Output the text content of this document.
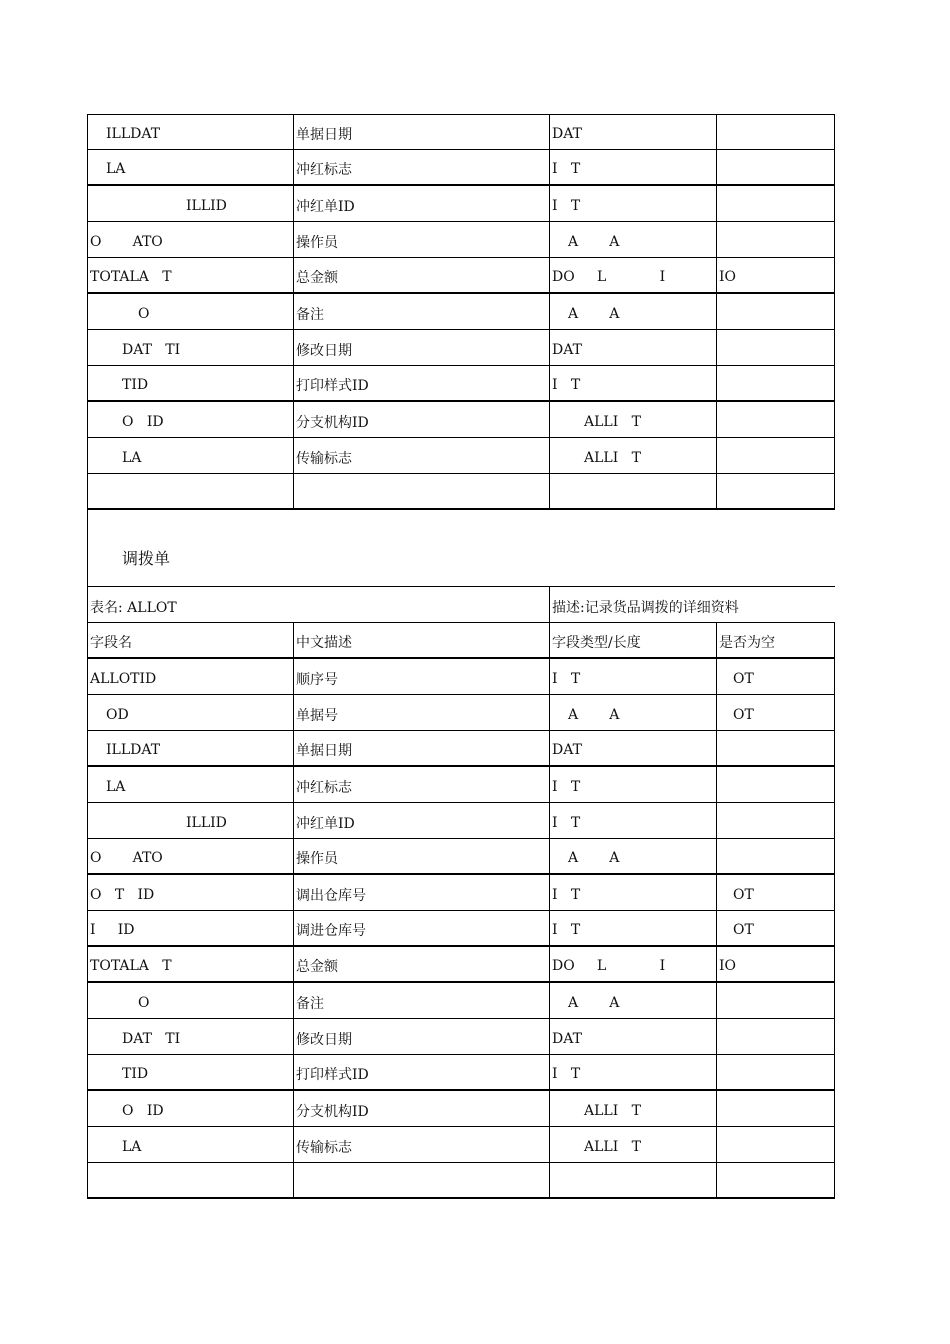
ILLDAT	单据日期	DAT
LA	冲红标志	I   T
ILLID	冲红单ID	I   T
O       ATO	操作员	A       A
TOTALA   T	总金额	DO     L            I	IO
O	备注	A       A
DAT   TI	修改日期	DAT
TID	打印样式ID	I   T
O   ID	分支机构ID	ALLI   T
LA	传输标志	ALLI   T
调拨单
表名: ALLOT	描述:记录货品调拨的详细资料
字段名	中文描述	字段类型/长度	是否为空
ALLOTID	顺序号	I   T	OT
OD	单据号	A       A	OT
ILLDAT	单据日期	DAT
LA	冲红标志	I   T
ILLID	冲红单ID	I   T
O       ATO	操作员	A       A
O   T   ID	调出仓库号	I   T	OT
I     ID	调进仓库号	I   T	OT
TOTALA   T	总金额	DO     L            I	IO
O	备注	A       A
DAT   TI	修改日期	DAT
TID	打印样式ID	I   T
O   ID	分支机构ID	ALLI   T
LA	传输标志	ALLI   T
